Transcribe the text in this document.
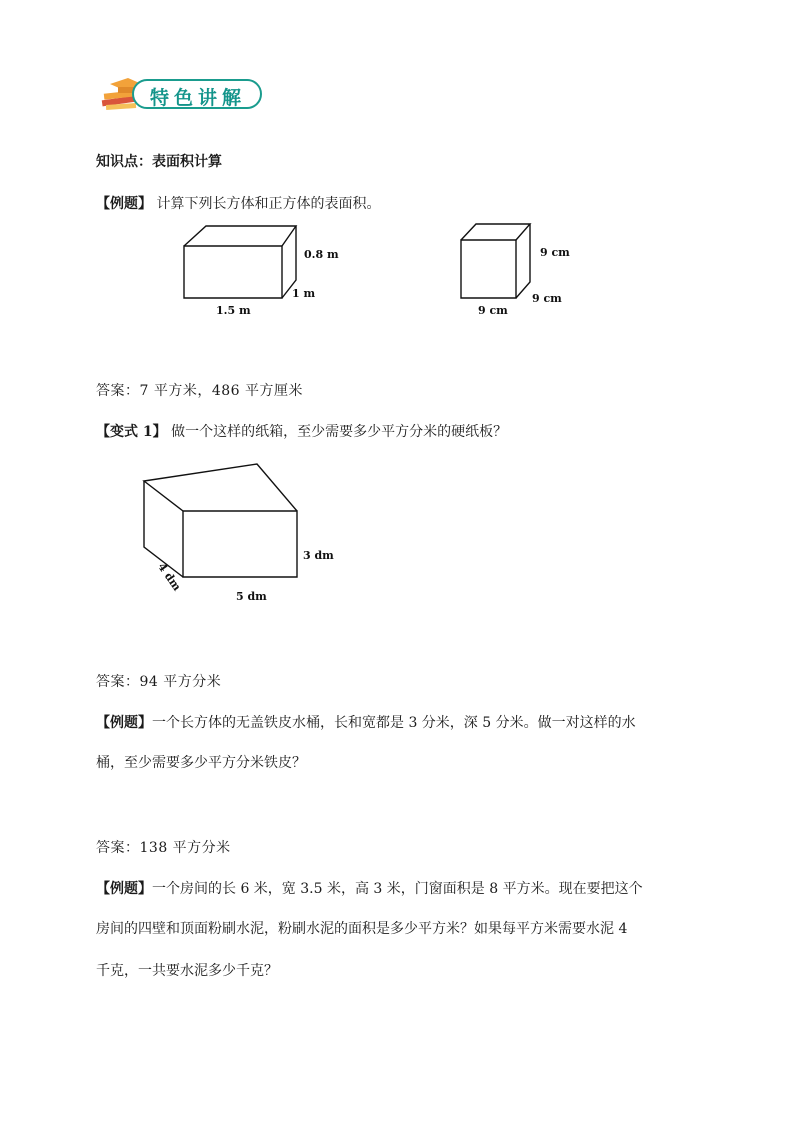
特色讲解
知识点：表面积计算
【例题】 计算下列长方体和正方体的表面积。
0.8 m
1 m
1.5 m
9 cm
9 cm
9 cm
答案：7 平方米，486 平方厘米
【变式 1】 做一个这样的纸箱，至少需要多少平方分米的硬纸板？
3 dm
4 dm
5 dm
答案：94 平方分米
【例题】一个长方体的无盖铁皮水桶，长和宽都是 3 分米，深 5 分米。做一对这样的水
桶，至少需要多少平方分米铁皮？
答案：138 平方分米
【例题】一个房间的长 6 米，宽 3.5 米，高 3 米，门窗面积是 8 平方米。现在要把这个
房间的四壁和顶面粉刷水泥，粉刷水泥的面积是多少平方米？如果每平方米需要水泥 4
千克，一共要水泥多少千克？
